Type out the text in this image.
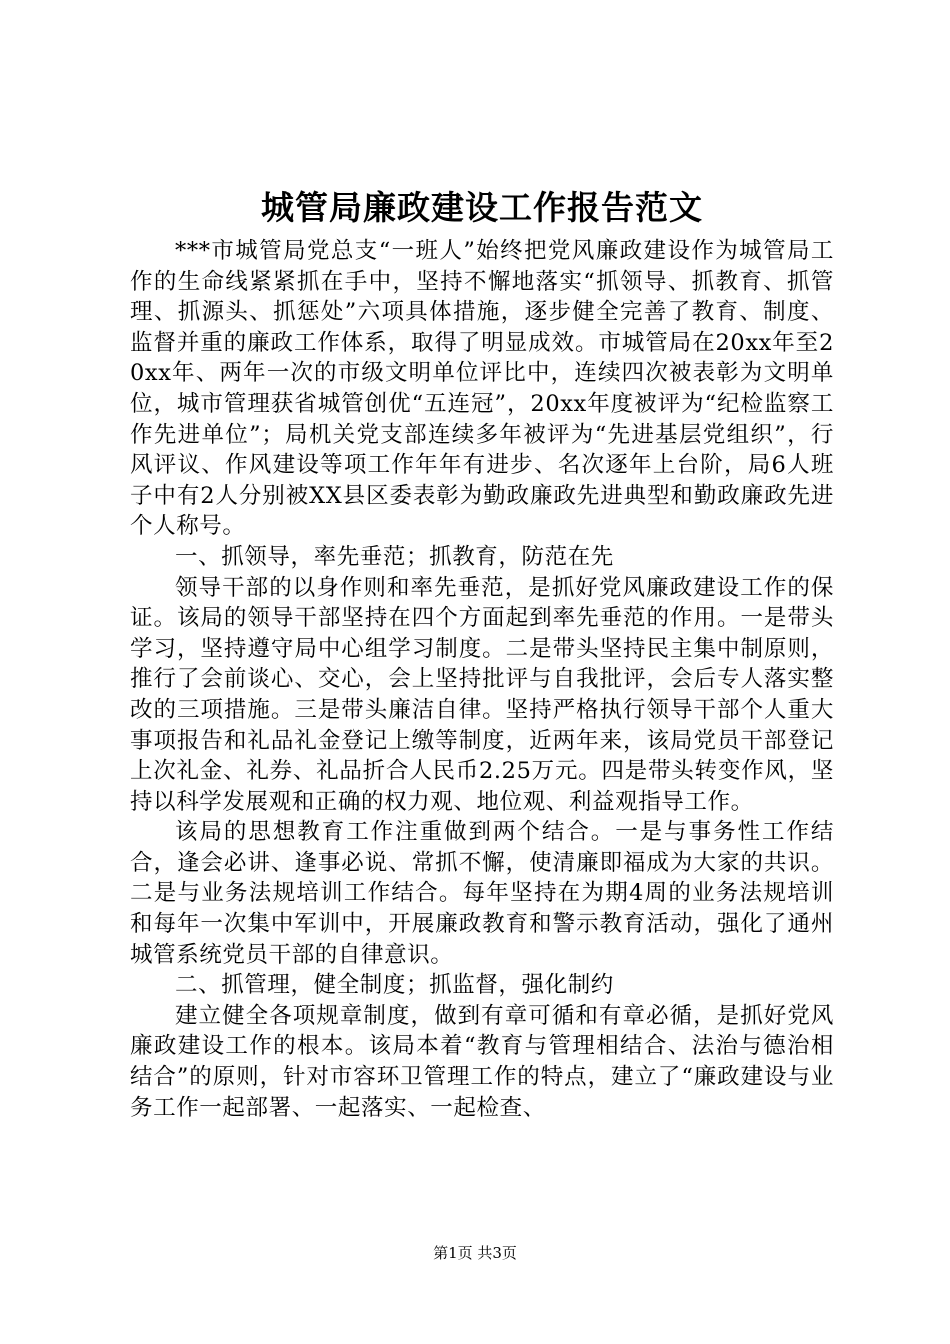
城管局廉政建设工作报告范文

***市城管局党总支“一班人”始终把党风廉政建设作为城管局工作的生命线紧紧抓在手中，坚持不懈地落实“抓领导、抓教育、抓管理、抓源头、抓惩处”六项具体措施，逐步健全完善了教育、制度、监督并重的廉政工作体系，取得了明显成效。市城管局在20xx年至20xx年、两年一次的市级文明单位评比中，连续四次被表彰为文明单位，城市管理获省城管创优“五连冠”，20xx年度被评为“纪检监察工作先进单位”；局机关党支部连续多年被评为“先进基层党组织”，行风评议、作风建设等项工作年年有进步、名次逐年上台阶，局6人班子中有2人分别被XX县区委表彰为勤政廉政先进典型和勤政廉政先进个人称号。

一、抓领导，率先垂范；抓教育，防范在先

领导干部的以身作则和率先垂范，是抓好党风廉政建设工作的保证。该局的领导干部坚持在四个方面起到率先垂范的作用。一是带头学习，坚持遵守局中心组学习制度。二是带头坚持民主集中制原则，推行了会前谈心、交心，会上坚持批评与自我批评，会后专人落实整改的三项措施。三是带头廉洁自律。坚持严格执行领导干部个人重大事项报告和礼品礼金登记上缴等制度，近两年来，该局党员干部登记上次礼金、礼券、礼品折合人民币2.25万元。四是带头转变作风，坚持以科学发展观和正确的权力观、地位观、利益观指导工作。

该局的思想教育工作注重做到两个结合。一是与事务性工作结合，逢会必讲、逢事必说、常抓不懈，使清廉即福成为大家的共识。二是与业务法规培训工作结合。每年坚持在为期4周的业务法规培训和每年一次集中军训中，开展廉政教育和警示教育活动，强化了通州城管系统党员干部的自律意识。

二、抓管理，健全制度；抓监督，强化制约

建立健全各项规章制度，做到有章可循和有章必循，是抓好党风廉政建设工作的根本。该局本着“教育与管理相结合、法治与德治相结合”的原则，针对市容环卫管理工作的特点，建立了“廉政建设与业务工作一起部署、一起落实、一起检查、

第1页 共3页
